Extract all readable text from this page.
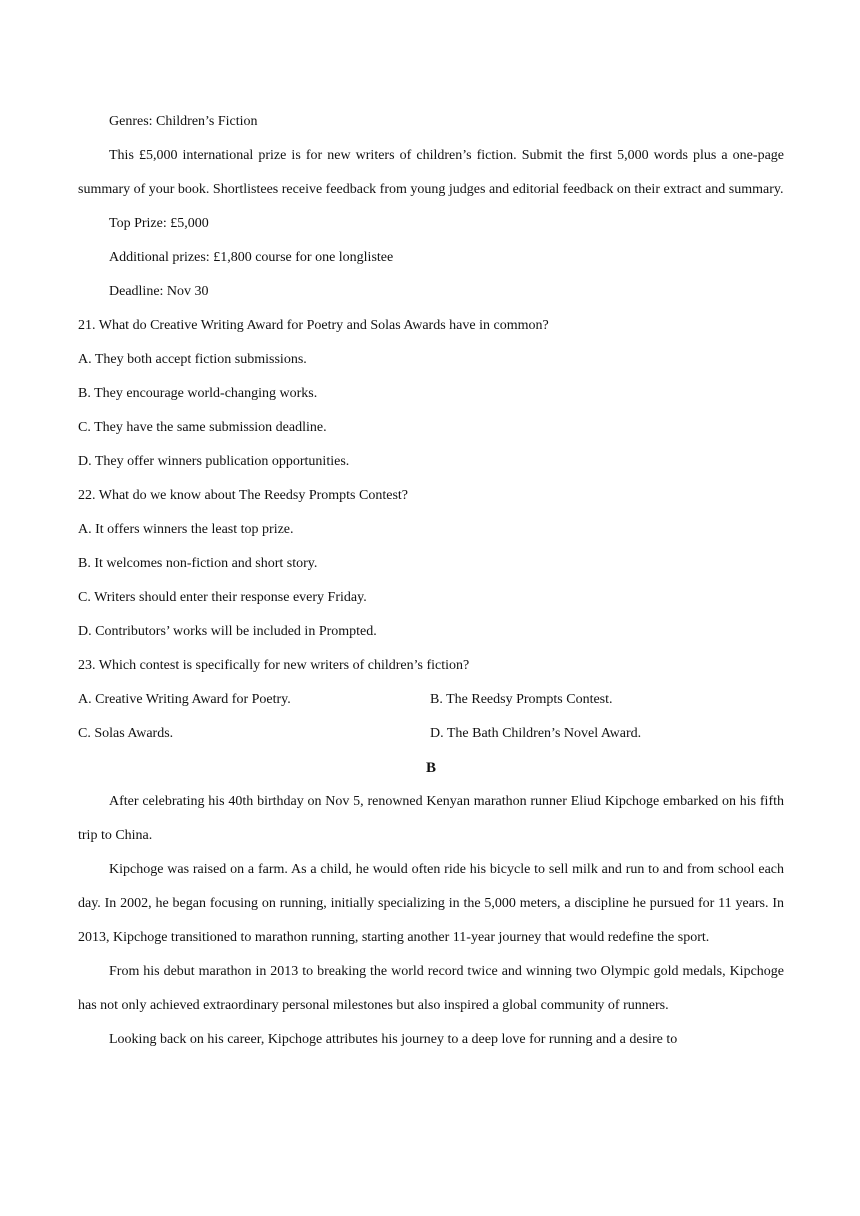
Genres: Children’s Fiction

This £5,000 international prize is for new writers of children’s fiction. Submit the first 5,000 words plus a one-page summary of your book. Shortlistees receive feedback from young judges and editorial feedback on their extract and summary.

Top Prize: £5,000

Additional prizes: £1,800 course for one longlistee

Deadline: Nov 30

21. What do Creative Writing Award for Poetry and Solas Awards have in common?

A. They both accept fiction submissions.

B. They encourage world-changing works.

C. They have the same submission deadline.

D. They offer winners publication opportunities.

22. What do we know about The Reedsy Prompts Contest?

A. It offers winners the least top prize.

B. It welcomes non-fiction and short story.

C. Writers should enter their response every Friday.

D. Contributors’ works will be included in Prompted.

23. Which contest is specifically for new writers of children’s fiction?

A. Creative Writing Award for Poetry.	B. The Reedsy Prompts Contest.
C. Solas Awards.	D. The Bath Children’s Novel Award.

B

After celebrating his 40th birthday on Nov 5, renowned Kenyan marathon runner Eliud Kipchoge embarked on his fifth trip to China.

Kipchoge was raised on a farm. As a child, he would often ride his bicycle to sell milk and run to and from school each day. In 2002, he began focusing on running, initially specializing in the 5,000 meters, a discipline he pursued for 11 years. In 2013, Kipchoge transitioned to marathon running, starting another 11-year journey that would redefine the sport.

From his debut marathon in 2013 to breaking the world record twice and winning two Olympic gold medals, Kipchoge has not only achieved extraordinary personal milestones but also inspired a global community of runners.

Looking back on his career, Kipchoge attributes his journey to a deep love for running and a desire to
